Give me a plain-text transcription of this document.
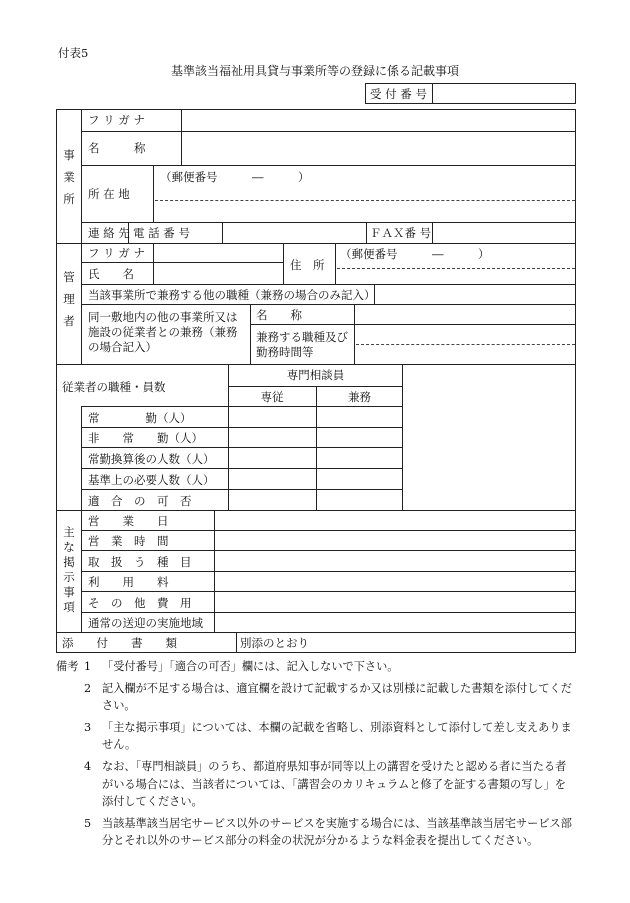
付表5
基準該当福祉用具貸与事業所等の登録に係る記載事項
受 付 番 号
事業所
フ リ ガ ナ
名　　　称
所 在 地
（郵便番号　　　―　　　）
連 絡 先 電 話 番 号	ＦＡＸ番 号
管理者
フ リ ガ ナ
氏　　名
住　所
（郵便番号　　　―　　　）
当該事業所で兼務する他の職種（兼務の場合のみ記入）
同一敷地内の他の事業所又は施設の従業者との兼務（兼務の場合記入）
名　　称
兼務する職種及び勤務時間等
従業者の職種・員数
専門相談員
専従	兼務
常　　　　勤（人）
非　　常　　勤（人）
常勤換算後の人数（人）
基準上の必要人数（人）
適　合　の　可　否
主な掲示事項
営　　業　　日
営　業　時　間
取　扱　う　種　目
利　　用　　料
そ　の　他　費　用
通常の送迎の実施地域
添　　付　　書　　類	別添のとおり
備考 1 「受付番号」「適合の可否」欄には、記入しないで下さい。
2 記入欄が不足する場合は、適宜欄を設けて記載するか又は別様に記載した書類を添付してください。
3 「主な掲示事項」については、本欄の記載を省略し、別添資料として添付して差し支えありません。
4 なお、「専門相談員」のうち、都道府県知事が同等以上の講習を受けたと認める者に当たる者がいる場合には、当該者については、「講習会のカリキュラムと修了を証する書類の写し」を添付してください。
5 当該基準該当居宅サービス以外のサービスを実施する場合には、当該基準該当居宅サービス部分とそれ以外のサービス部分の料金の状況が分かるような料金表を提出してください。
